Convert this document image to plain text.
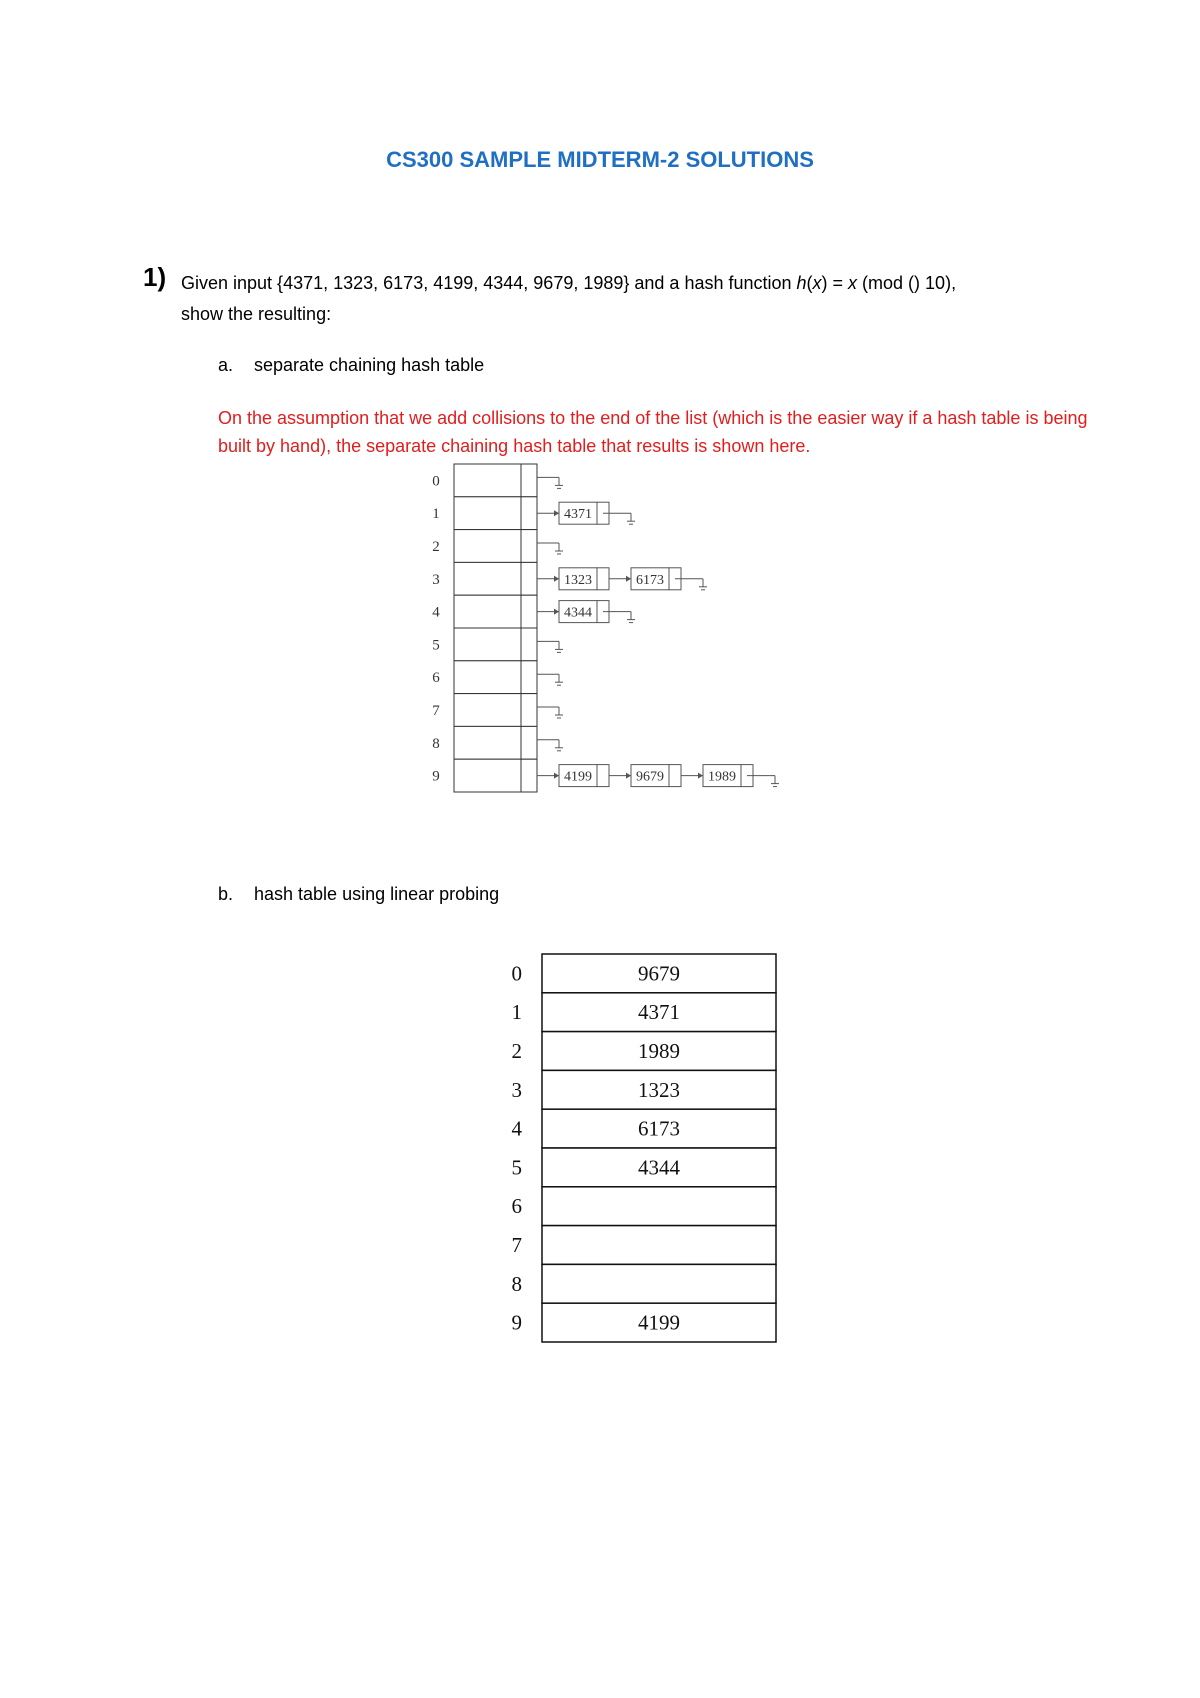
CS300 SAMPLE MIDTERM-2 SOLUTIONS
1) Given input {4371, 1323, 6173, 4199, 4344, 9679, 1989} and a hash function h(x) = x (mod () 10),
show the resulting:
a. separate chaining hash table
On the assumption that we add collisions to the end of the list (which is the easier way if a hash table is being built by hand), the separate chaining hash table that results is shown here.
0
1	4371
2
3	1323	6173
4	4344
5
6
7
8
9	4199	9679	1989
b. hash table using linear probing
0	9679
1	4371
2	1989
3	1323
4	6173
5	4344
6
7
8
9	4199
